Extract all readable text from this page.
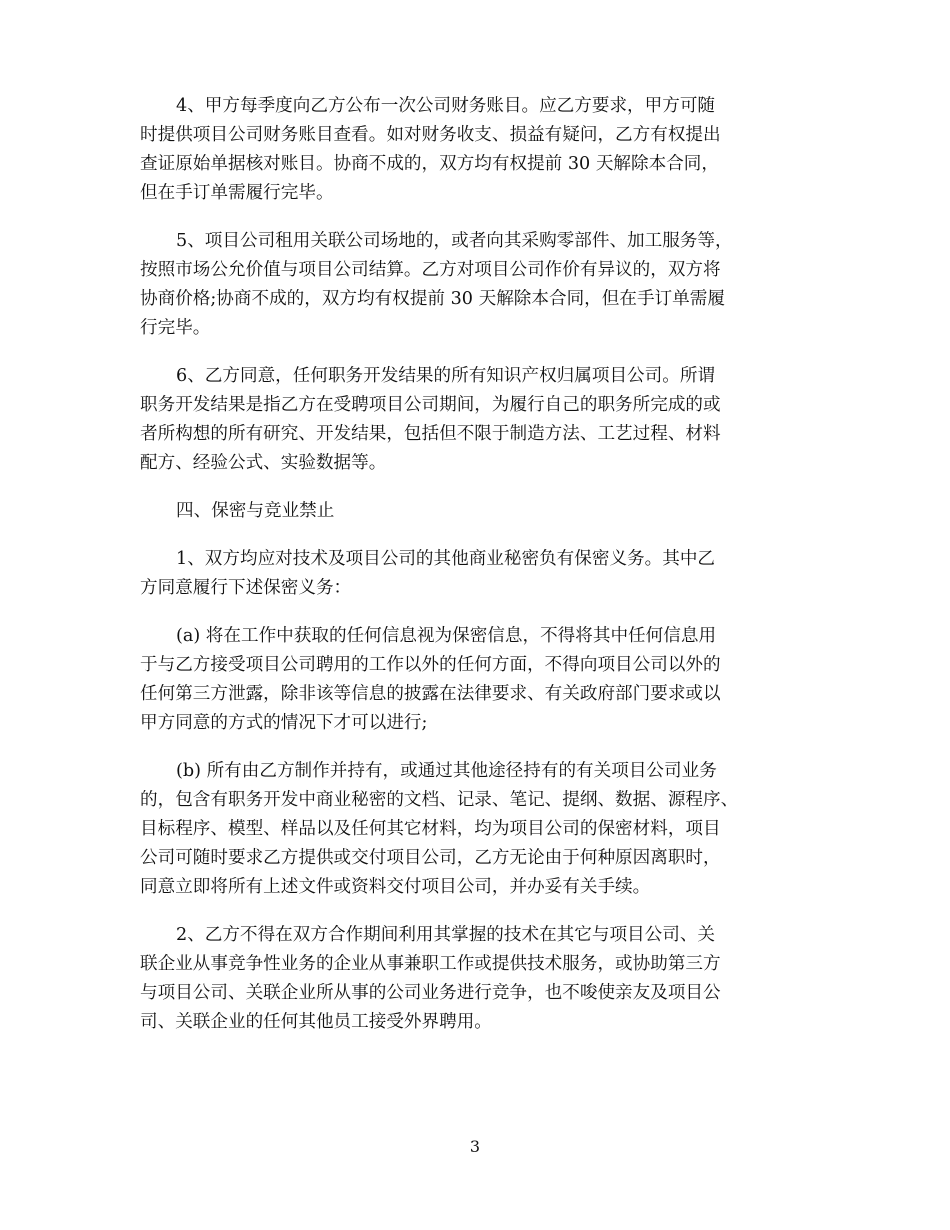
4、甲方每季度向乙方公布一次公司财务账目。应乙方要求，甲方可随
时提供项目公司财务账目查看。如对财务收支、损益有疑问，乙方有权提出
查证原始单据核对账目。协商不成的，双方均有权提前 30 天解除本合同，
但在手订单需履行完毕。

5、项目公司租用关联公司场地的，或者向其采购零部件、加工服务等，
按照市场公允价值与项目公司结算。乙方对项目公司作价有异议的，双方将
协商价格;协商不成的，双方均有权提前 30 天解除本合同，但在手订单需履
行完毕。

6、乙方同意，任何职务开发结果的所有知识产权归属项目公司。所谓
职务开发结果是指乙方在受聘项目公司期间，为履行自己的职务所完成的或
者所构想的所有研究、开发结果，包括但不限于制造方法、工艺过程、材料
配方、经验公式、实验数据等。

四、保密与竞业禁止

1、双方均应对技术及项目公司的其他商业秘密负有保密义务。其中乙
方同意履行下述保密义务：

(a) 将在工作中获取的任何信息视为保密信息，不得将其中任何信息用
于与乙方接受项目公司聘用的工作以外的任何方面，不得向项目公司以外的
任何第三方泄露，除非该等信息的披露在法律要求、有关政府部门要求或以
甲方同意的方式的情况下才可以进行;

(b) 所有由乙方制作并持有，或通过其他途径持有的有关项目公司业务
的，包含有职务开发中商业秘密的文档、记录、笔记、提纲、数据、源程序、
目标程序、模型、样品以及任何其它材料，均为项目公司的保密材料，项目
公司可随时要求乙方提供或交付项目公司，乙方无论由于何种原因离职时，
同意立即将所有上述文件或资料交付项目公司，并办妥有关手续。

2、乙方不得在双方合作期间利用其掌握的技术在其它与项目公司、关
联企业从事竞争性业务的企业从事兼职工作或提供技术服务，或协助第三方
与项目公司、关联企业所从事的公司业务进行竞争，也不唆使亲友及项目公
司、关联企业的任何其他员工接受外界聘用。

3
